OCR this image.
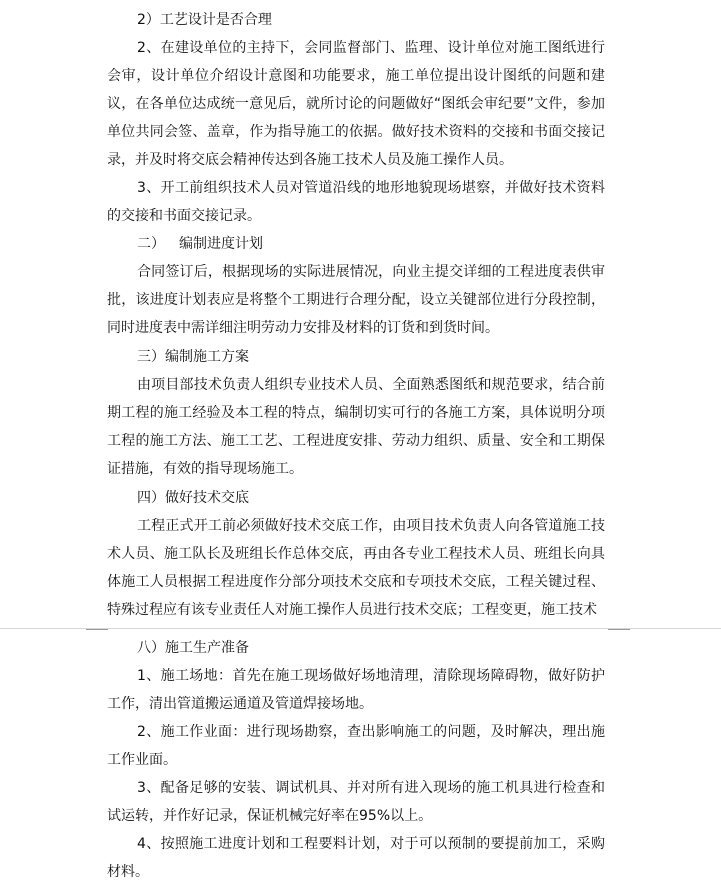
2）工艺设计是否合理
2、在建设单位的主持下，会同监督部门、监理、设计单位对施工图纸进行会审，设计单位介绍设计意图和功能要求，施工单位提出设计图纸的问题和建议，在各单位达成统一意见后，就所讨论的问题做好“图纸会审纪要”文件，参加单位共同会签、盖章，作为指导施工的依据。做好技术资料的交接和书面交接记录，并及时将交底会精神传达到各施工技术人员及施工操作人员。
3、开工前组织技术人员对管道沿线的地形地貌现场堪察，并做好技术资料的交接和书面交接记录。
二） 编制进度计划
合同签订后，根据现场的实际进展情况，向业主提交详细的工程进度表供审批，该进度计划表应是将整个工期进行合理分配，设立关键部位进行分段控制，同时进度表中需详细注明劳动力安排及材料的订货和到货时间。
三）编制施工方案
由项目部技术负责人组织专业技术人员、全面熟悉图纸和规范要求，结合前期工程的施工经验及本工程的特点，编制切实可行的各施工方案，具体说明分项工程的施工方法、施工工艺、工程进度安排、劳动力组织、质量、安全和工期保证措施，有效的指导现场施工。
四）做好技术交底
工程正式开工前必须做好技术交底工作，由项目技术负责人向各管道施工技术人员、施工队长及班组长作总体交底，再由各专业工程技术人员、班组长向具体施工人员根据工程进度作分部分项技术交底和专项技术交底，工程关键过程、特殊过程应有该专业责任人对施工操作人员进行技术交底；工程变更，施工技术
八）施工生产准备
1、施工场地：首先在施工现场做好场地清理，清除现场障碍物，做好防护工作，清出管道搬运通道及管道焊接场地。
2、施工作业面：进行现场勘察，查出影响施工的问题，及时解决，理出施工作业面。
3、配备足够的安装、调试机具、并对所有进入现场的施工机具进行检查和试运转，并作好记录，保证机械完好率在95%以上。
4、按照施工进度计划和工程要料计划，对于可以预制的要提前加工，采购材料。
